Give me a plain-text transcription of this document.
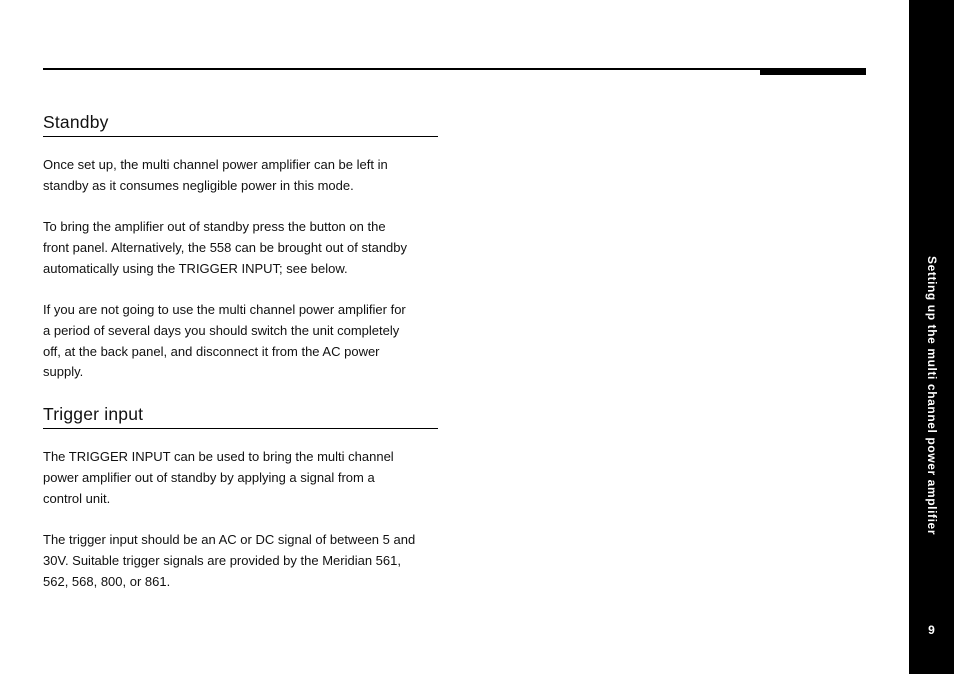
Standby

Once set up, the multi channel power amplifier can be left in
standby as it consumes negligible power in this mode.

To bring the amplifier out of standby press the button on the
front panel. Alternatively, the 558 can be brought out of standby
automatically using the TRIGGER INPUT; see below.

If you are not going to use the multi channel power amplifier for
a period of several days you should switch the unit completely
off, at the back panel, and disconnect it from the AC power
supply.

Trigger input

The TRIGGER INPUT can be used to bring the multi channel
power amplifier out of standby by applying a signal from a
control unit.

The trigger input should be an AC or DC signal of between 5 and
30V. Suitable trigger signals are provided by the Meridian 561,
562, 568, 800, or 861.

Setting up the multi channel power amplifier
9
